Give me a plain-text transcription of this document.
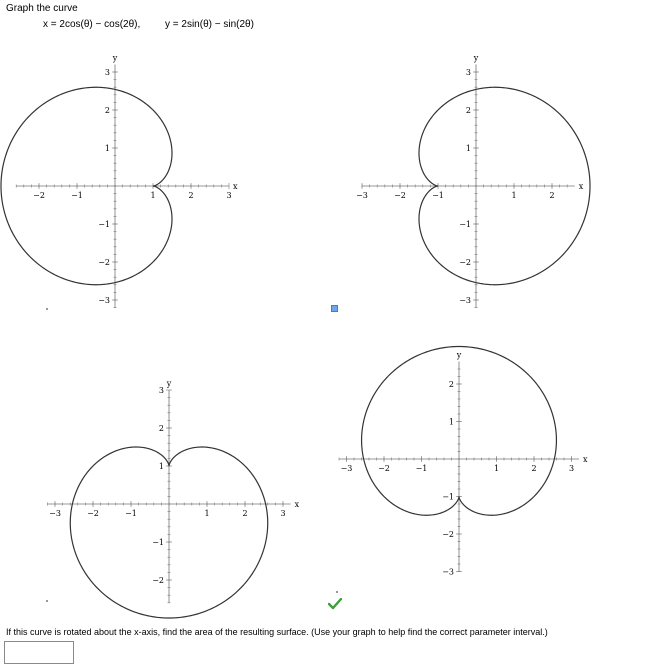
Graph the curve
x = 2cos(θ) − cos(2θ), y = 2sin(θ) − sin(2θ)
−2	−1	1	2	3
3
2
1
−1
−2
−3
x
y
−3	−2	−1	1	2
3
2
1
−1
−2
−3
x
y
−3	−2	−1	1	2	3
3
2
1
−1
−2
x
y
−3	−2	−1	1	2	3
2
1
−1
−2
−3
x
y
If this curve is rotated about the x-axis, find the area of the resulting surface. (Use your graph to help find the correct parameter interval.)
